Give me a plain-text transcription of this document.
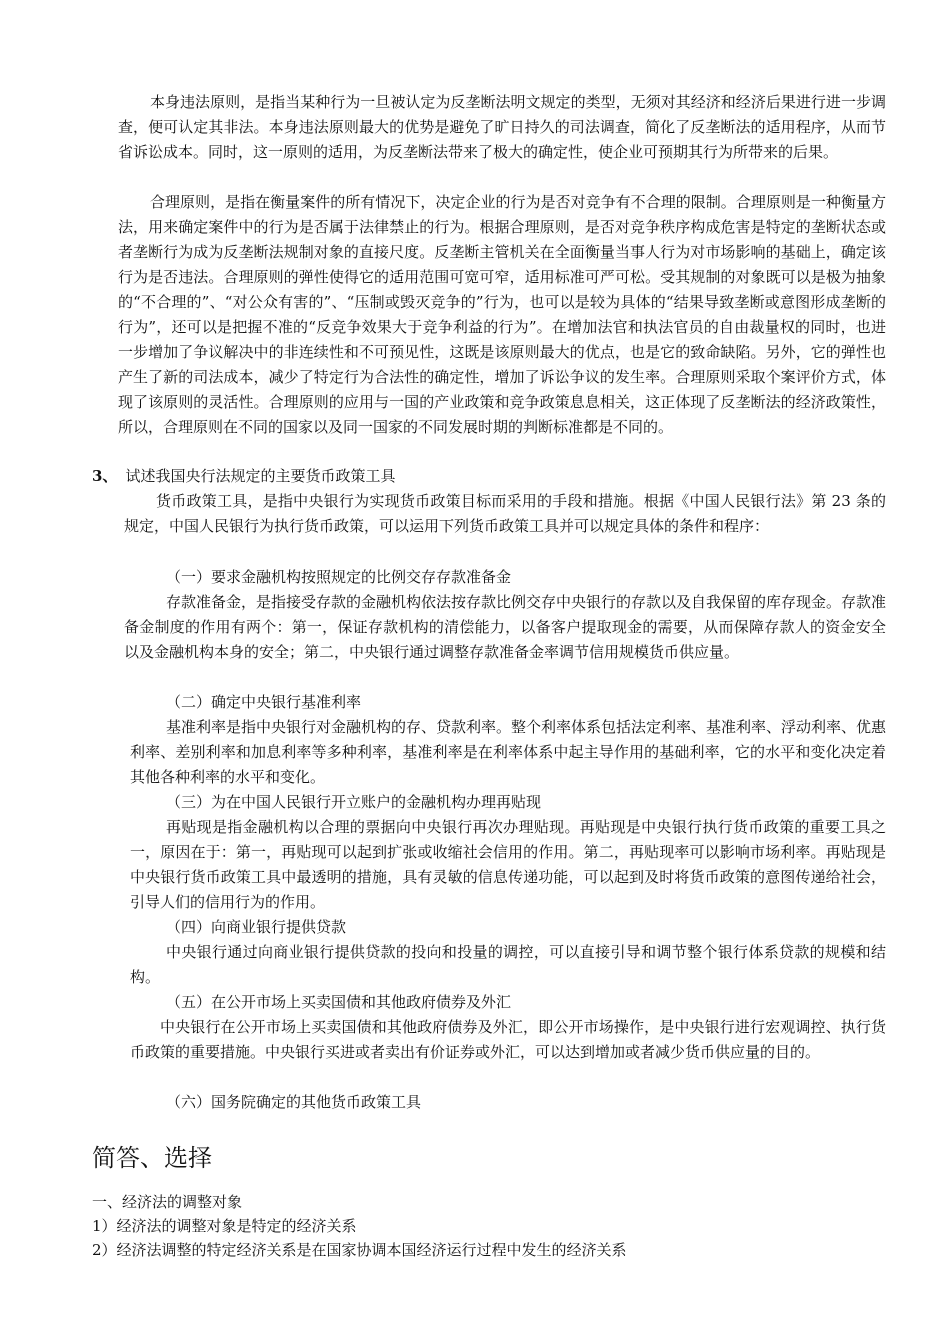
本身违法原则，是指当某种行为一旦被认定为反垄断法明文规定的类型，无须对其经济和经济后果进行进一步调查，便可认定其非法。本身违法原则最大的优势是避免了旷日持久的司法调查，简化了反垄断法的适用程序，从而节省诉讼成本。同时，这一原则的适用，为反垄断法带来了极大的确定性，使企业可预期其行为所带来的后果。

合理原则，是指在衡量案件的所有情况下，决定企业的行为是否对竞争有不合理的限制。合理原则是一种衡量方法，用来确定案件中的行为是否属于法律禁止的行为。根据合理原则，是否对竞争秩序构成危害是特定的垄断状态或者垄断行为成为反垄断法规制对象的直接尺度。反垄断主管机关在全面衡量当事人行为对市场影响的基础上，确定该行为是否违法。合理原则的弹性使得它的适用范围可宽可窄，适用标准可严可松。受其规制的对象既可以是极为抽象的“不合理的”、“对公众有害的”、“压制或毁灭竞争的”行为，也可以是较为具体的“结果导致垄断或意图形成垄断的行为”，还可以是把握不准的“反竞争效果大于竞争利益的行为”。在增加法官和执法官员的自由裁量权的同时，也进一步增加了争议解决中的非连续性和不可预见性，这既是该原则最大的优点，也是它的致命缺陷。另外，它的弹性也产生了新的司法成本，减少了特定行为合法性的确定性，增加了诉讼争议的发生率。合理原则采取个案评价方式，体现了该原则的灵活性。合理原则的应用与一国的产业政策和竞争政策息息相关，这正体现了反垄断法的经济政策性，所以，合理原则在不同的国家以及同一国家的不同发展时期的判断标准都是不同的。

3、 试述我国央行法规定的主要货币政策工具

货币政策工具，是指中央银行为实现货币政策目标而采用的手段和措施。根据《中国人民银行法》第 23 条的规定，中国人民银行为执行货币政策，可以运用下列货币政策工具并可以规定具体的条件和程序：

（一）要求金融机构按照规定的比例交存存款准备金

存款准备金，是指接受存款的金融机构依法按存款比例交存中央银行的存款以及自我保留的库存现金。存款准备金制度的作用有两个：第一，保证存款机构的清偿能力，以备客户提取现金的需要，从而保障存款人的资金安全以及金融机构本身的安全；第二，中央银行通过调整存款准备金率调节信用规模货币供应量。

（二）确定中央银行基准利率

基准利率是指中央银行对金融机构的存、贷款利率。整个利率体系包括法定利率、基准利率、浮动利率、优惠利率、差别利率和加息利率等多种利率，基准利率是在利率体系中起主导作用的基础利率，它的水平和变化决定着其他各种利率的水平和变化。

（三）为在中国人民银行开立账户的金融机构办理再贴现

再贴现是指金融机构以合理的票据向中央银行再次办理贴现。再贴现是中央银行执行货币政策的重要工具之一，原因在于：第一，再贴现可以起到扩张或收缩社会信用的作用。第二，再贴现率可以影响市场利率。再贴现是中央银行货币政策工具中最透明的措施，具有灵敏的信息传递功能，可以起到及时将货币政策的意图传递给社会，引导人们的信用行为的作用。

（四）向商业银行提供贷款

中央银行通过向商业银行提供贷款的投向和投量的调控，可以直接引导和调节整个银行体系贷款的规模和结构。

（五）在公开市场上买卖国债和其他政府债券及外汇

中央银行在公开市场上买卖国债和其他政府债券及外汇，即公开市场操作，是中央银行进行宏观调控、执行货币政策的重要措施。中央银行买进或者卖出有价证券或外汇，可以达到增加或者减少货币供应量的目的。

（六）国务院确定的其他货币政策工具
简答、选择
一、经济法的调整对象
1）经济法的调整对象是特定的经济关系
2）经济法调整的特定经济关系是在国家协调本国经济运行过程中发生的经济关系
